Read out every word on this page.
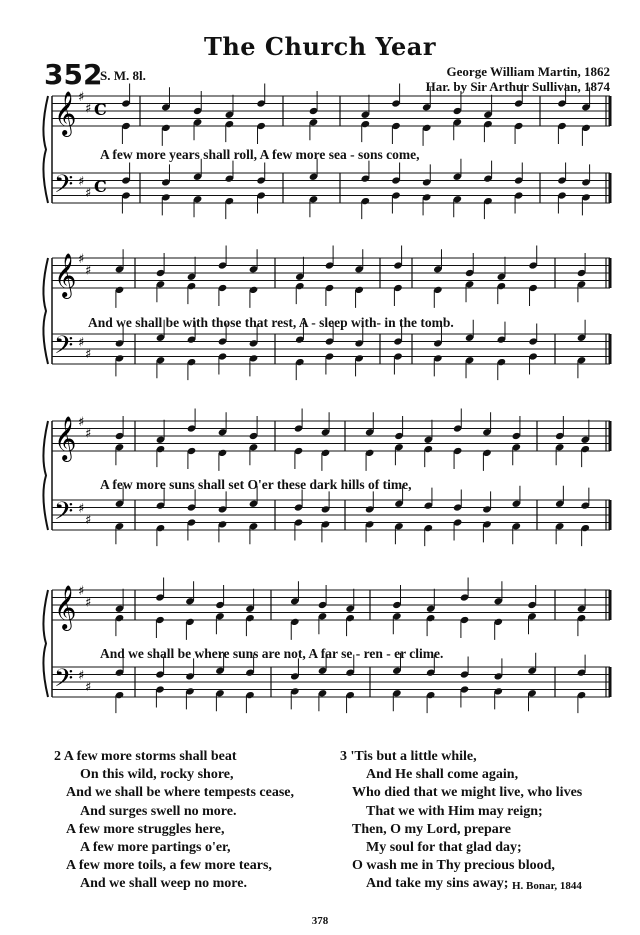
The Church Year
352
S. M. 8l.	George William Martin, 1862
Har. by Sir Arthur Sullivan, 1874
𝄞
𝄢
♯
♯
♯
♯
C
C
𝄞
𝄢
♯
♯
♯
♯
𝄞
𝄢
♯
♯
♯
♯
𝄞
𝄢
♯
♯
♯
♯
A few more years shall roll, A few more sea - sons come,
And we shall be with those that rest, A - sleep with- in the tomb.
A few more suns shall set O'er these dark hills of time,
And we shall be where suns are not, A far se - ren - er clime.
2 A few more storms shall beat
On this wild, rocky shore,
And we shall be where tempests cease,
And surges swell no more.
A few more struggles here,
A few more partings o'er,
A few more toils, a few more tears,
And we shall weep no more.
3 'Tis but a little while,
And He shall come again,
Who died that we might live, who lives
That we with Him may reign;
Then, O my Lord, prepare
My soul for that glad day;
O wash me in Thy precious blood,
And take my sins away; H. Bonar, 1844
378
